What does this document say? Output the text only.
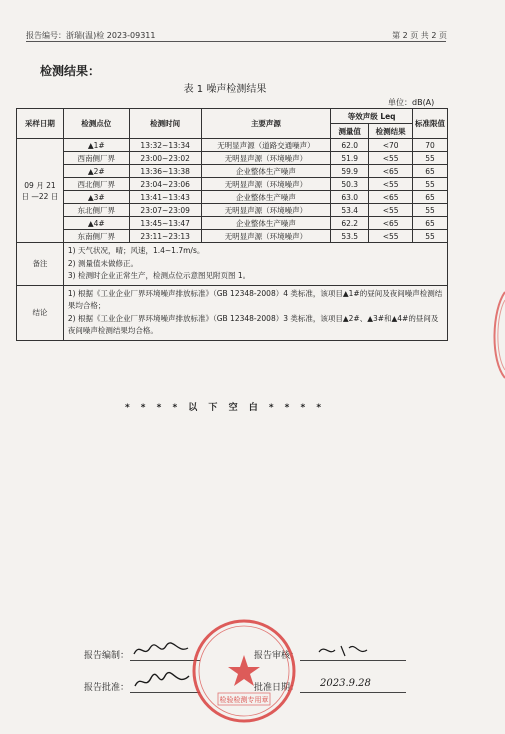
报告编号：浙瑞(温)检 2023-09311	第 2 页 共 2 页
检测结果：
表 1 噪声检测结果
单位：dB(A)
采样日期	检测点位	检测时间	主要声源	等效声级 Leq		标准限值
				测量值	检测结果	
09 月 21 日 —22 日	▲1#	13:32~13:34	无明显声源（道路交通噪声）	62.0	<70	70
	西南侧厂界	23:00~23:02	无明显声源（环境噪声）	51.9	<55	55
	▲2#	13:36~13:38	企业整体生产噪声	59.9	<65	65
	西北侧厂界	23:04~23:06	无明显声源（环境噪声）	50.3	<55	55
	▲3#	13:41~13:43	企业整体生产噪声	63.0	<65	65
	东北侧厂界	23:07~23:09	无明显声源（环境噪声）	53.4	<55	55
	▲4#	13:45~13:47	企业整体生产噪声	62.2	<65	65
	东南侧厂界	23:11~23:13	无明显声源（环境噪声）	53.5	<55	55
备注	1) 天气状况，晴；风速，1.4~1.7m/s。
2) 测量值未做修正。
3) 检测时企业正常生产，检测点位示意图见附页图 1。					

结论	1) 根据《工业企业厂界环境噪声排放标准》（GB 12348-2008）4 类标准，该项目▲1#的昼间及夜间噪声检测结果均合格；
2) 根据《工业企业厂界环境噪声排放标准》（GB 12348-2008）3 类标准，该项目▲2#、▲3#和▲4#的昼间及夜间噪声检测结果均合格。					
* * * * 以 下 空 白 * * * *
报告编制：	报告审核：
报告批准：	批准日期： 2023.9.28
检验检测专用章
